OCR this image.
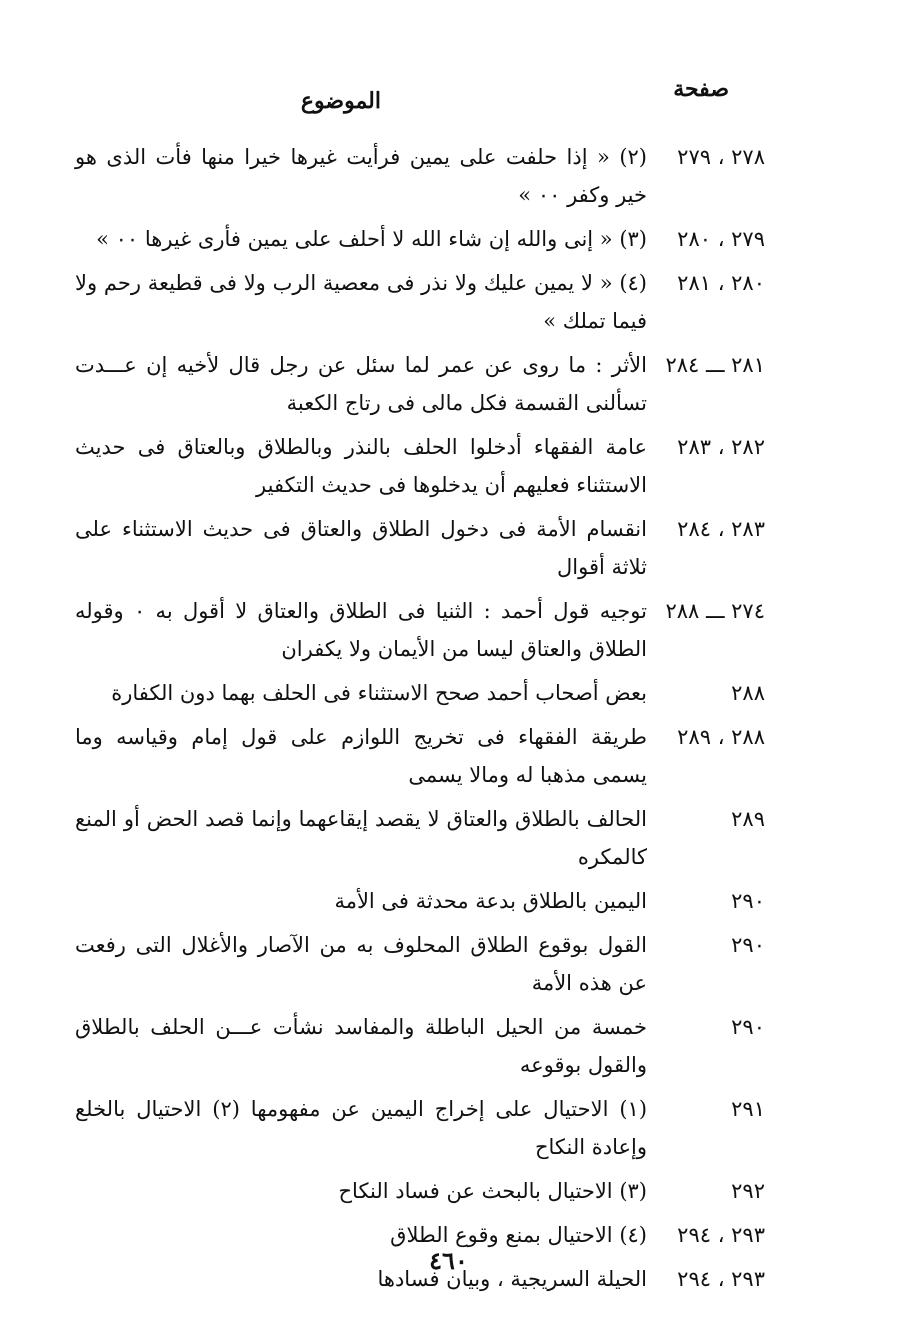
صفحة
الموضوع
٢٧٨ ، ٢٧٩
(٢) « إذا حلفت على يمين فرأيت غيرها خيرا منها فأت الذى هو خير وكفر ٠٠ »
٢٧٩ ، ٢٨٠
(٣) « إنى والله إن شاء الله لا أحلف على يمين فأرى غيرها ٠٠ »
٢٨٠ ، ٢٨١
(٤) « لا يمين عليك ولا نذر فى معصية الرب ولا فى قطيعة رحم ولا فيما تملك »
٢٨١ ـــ ٢٨٤
الأثر : ما روى عن عمر لما سئل عن رجل قال لأخيه إن عـــدت تسألنى القسمة فكل مالى فى رتاج الكعبة
٢٨٢ ، ٢٨٣
عامة الفقهاء أدخلوا الحلف بالنذر وبالطلاق وبالعتاق فى حديث الاستثناء فعليهم أن يدخلوها فى حديث التكفير
٢٨٣ ، ٢٨٤
انقسام الأمة فى دخول الطلاق والعتاق فى حديث الاستثناء على ثلاثة أقوال
٢٧٤ ـــ ٢٨٨
توجيه قول أحمد : الثنيا فى الطلاق والعتاق لا أقول به ٠ وقوله الطلاق والعتاق ليسا من الأيمان ولا يكفران
٢٨٨
بعض أصحاب أحمد صحح الاستثناء فى الحلف بهما دون الكفارة
٢٨٨ ، ٢٨٩
طريقة الفقهاء فى تخريج اللوازم على قول إمام وقياسه وما يسمى مذهبا له ومالا يسمى
٢٨٩
الحالف بالطلاق والعتاق لا يقصد إيقاعهما وإنما قصد الحض أو المنع كالمكره
٢٩٠
اليمين بالطلاق بدعة محدثة فى الأمة
٢٩٠
القول بوقوع الطلاق المحلوف به من الآصار والأغلال التى رفعت عن هذه الأمة
٢٩٠
خمسة من الحيل الباطلة والمفاسد نشأت عـــن الحلف بالطلاق والقول بوقوعه
٢٩١
(١) الاحتيال على إخراج اليمين عن مفهومها (٢) الاحتيال بالخلع وإعادة النكاح
٢٩٢
(٣) الاحتيال بالبحث عن فساد النكاح
٢٩٣ ، ٢٩٤
(٤) الاحتيال بمنع وقوع الطلاق
٢٩٣ ، ٢٩٤
الحيلة السريجية ، وبيان فسادها
٤٦٠
